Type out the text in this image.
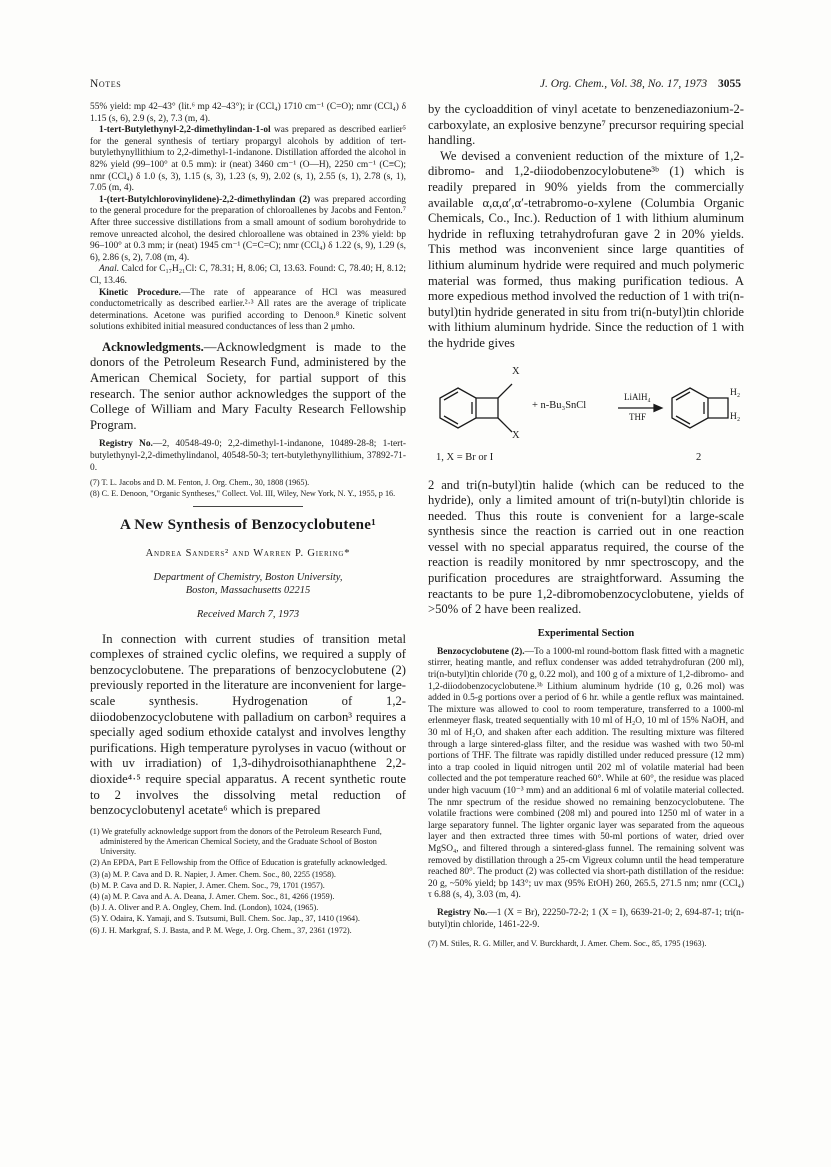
Notes	J. Org. Chem., Vol. 38, No. 17, 1973 3055

55% yield: mp 42–43° (lit.⁶ mp 42–43°); ir (CCl₄) 1710 cm⁻¹ (C=O); nmr (CCl₄) δ 1.15 (s, 6), 2.9 (s, 2), 7.3 (m, 4).

1-tert-Butylethynyl-2,2-dimethylindan-1-ol was prepared as described earlier⁵ for the general synthesis of tertiary propargyl alcohols by addition of tert-butylethynyllithium to 2,2-dimethyl-1-indanone. Distillation afforded the alcohol in 82% yield (99–100° at 0.5 mm): ir (neat) 3460 cm⁻¹ (O—H), 2250 cm⁻¹ (C≡C); nmr (CCl₄) δ 1.0 (s, 3), 1.15 (s, 3), 1.23 (s, 9), 2.02 (s, 1), 2.55 (s, 1), 2.78 (s, 1), 7.05 (m, 4).

1-(tert-Butylchlorovinylidene)-2,2-dimethylindan (2) was prepared according to the general procedure for the preparation of chloroallenes by Jacobs and Fenton.⁷ After three successive distillations from a small amount of sodium borohydride to remove unreacted alcohol, the desired chloroallene was obtained in 23% yield: bp 96–100° at 0.3 mm; ir (neat) 1945 cm⁻¹ (C=C=C); nmr (CCl₄) δ 1.22 (s, 9), 1.29 (s, 6), 2.86 (s, 2), 7.08 (m, 4).

Anal. Calcd for C₁₇H₂₁Cl: C, 78.31; H, 8.06; Cl, 13.63. Found: C, 78.40; H, 8.12; Cl, 13.46.

Kinetic Procedure.—The rate of appearance of HCl was measured conductometrically as described earlier.²·³ All rates are the average of triplicate determinations. Acetone was purified according to Denoon.⁸ Kinetic solvent solutions exhibited initial measured conductances of less than 2 μmho.

Acknowledgments.—Acknowledgment is made to the donors of the Petroleum Research Fund, administered by the American Chemical Society, for partial support of this research. The senior author acknowledges the support of the College of William and Mary Faculty Research Fellowship Program.

Registry No.—2, 40548-49-0; 2,2-dimethyl-1-indanone, 10489-28-8; 1-tert-butylethynyl-2,2-dimethylindanol, 40548-50-3; tert-butylethynyllithium, 37892-71-0.

(7) T. L. Jacobs and D. M. Fenton, J. Org. Chem., 30, 1808 (1965).

(8) C. E. Denoon, "Organic Syntheses," Collect. Vol. III, Wiley, New York, N. Y., 1955, p 16.

A New Synthesis of Benzocyclobutene¹
Andrea Sanders² and Warren P. Giering*
Department of Chemistry, Boston University,
Boston, Massachusetts 02215
Received March 7, 1973

In connection with current studies of transition metal complexes of strained cyclic olefins, we required a supply of benzocyclobutene. The preparations of benzocyclobutene (2) previously reported in the literature are inconvenient for large-scale synthesis. Hydrogenation of 1,2-diiodobenzocyclobutene with palladium on carbon³ requires a specially aged sodium ethoxide catalyst and involves lengthy purifications. High temperature pyrolyses in vacuo (without or with uv irradiation) of 1,3-dihydroisothianaphthene 2,2-dioxide⁴·⁵ require special apparatus. A recent synthetic route to 2 involves the dissolving metal reduction of benzocyclobutenyl acetate⁶ which is prepared

(1) We gratefully acknowledge support from the donors of the Petroleum Research Fund, administered by the American Chemical Society, and the Graduate School of Boston University.

(2) An EPDA, Part E Fellowship from the Office of Education is gratefully acknowledged.

(3) (a) M. P. Cava and D. R. Napier, J. Amer. Chem. Soc., 80, 2255 (1958).

(b) M. P. Cava and D. R. Napier, J. Amer. Chem. Soc., 79, 1701 (1957).

(4) (a) M. P. Cava and A. A. Deana, J. Amer. Chem. Soc., 81, 4266 (1959).

(b) J. A. Oliver and P. A. Ongley, Chem. Ind. (London), 1024, (1965).

(5) Y. Odaira, K. Yamaji, and S. Tsutsumi, Bull. Chem. Soc. Jap., 37, 1410 (1964).

(6) J. H. Markgraf, S. J. Basta, and P. M. Wege, J. Org. Chem., 37, 2361 (1972).

by the cycloaddition of vinyl acetate to benzenediazonium-2-carboxylate, an explosive benzyne⁷ precursor requiring special handling.

We devised a convenient reduction of the mixture of 1,2-dibromo- and 1,2-diiodobenzocylobutene³ᵇ (1) which is readily prepared in 90% yields from the commercially available α,α,α′,α′-tetrabromo-o-xylene (Columbia Organic Chemicals, Co., Inc.). Reduction of 1 with lithium aluminum hydride in refluxing tetrahydrofuran gave 2 in 20% yields. This method was inconvenient since large quantities of lithium aluminum hydride were required and much polymeric material was formed, thus making purification tedious. A more expedious method involved the reduction of 1 with tri(n-butyl)tin hydride generated in situ from tri(n-butyl)tin chloride with lithium aluminum hydride. Since the reduction of 1 with the hydride gives

X
X
+ n-Bu₃SnCl
LiAlH₄
THF
H₂
H₂
1, X = Br or I	2

2 and tri(n-butyl)tin halide (which can be reduced to the hydride), only a limited amount of tri(n-butyl)tin chloride is needed. Thus this route is convenient for a large-scale synthesis since the reaction is carried out in one reaction vessel with no special apparatus required, the course of the reaction is readily monitored by nmr spectroscopy, and the purification procedures are straightforward. Assuming the reactants to be pure 1,2-dibromobenzocyclobutene, yields of >50% of 2 have been realized.

Experimental Section

Benzocyclobutene (2).—To a 1000-ml round-bottom flask fitted with a magnetic stirrer, heating mantle, and reflux condenser was added tetrahydrofuran (200 ml), tri(n-butyl)tin chloride (70 g, 0.22 mol), and 100 g of a mixture of 1,2-dibromo- and 1,2-diiodobenzocyclobutene.³ᵇ Lithium aluminum hydride (10 g, 0.26 mol) was added in 0.5-g portions over a period of 6 hr. while a gentle reflux was maintained. The mixture was allowed to cool to room temperature, transferred to a 1000-ml erlenmeyer flask, treated sequentially with 10 ml of H₂O, 10 ml of 15% NaOH, and 30 ml of H₂O, and shaken after each addition. The resulting mixture was filtered through a large sintered-glass filter, and the residue was washed with two 50-ml portions of THF. The filtrate was rapidly distilled under reduced pressure (12 mm) into a trap cooled in liquid nitrogen until 202 ml of volatile material had been collected and the pot temperature reached 60°. While at 60°, the residue was placed under high vacuum (10⁻³ mm) and an additional 6 ml of volatile material collected. The nmr spectrum of the residue showed no remaining benzocyclobutene. The volatile fractions were combined (208 ml) and poured into 1250 ml of water in a large separatory funnel. The lighter organic layer was separated from the aqueous layer and then extracted three times with 50-ml portions of water, dried over MgSO₄, and filtered through a sintered-glass funnel. The remaining solvent was removed by distillation through a 25-cm Vigreux column until the head temperature reached 80°. The product (2) was collected via short-path distillation of the residue: 20 g, ~50% yield; bp 143°; uv max (95% EtOH) 260, 265.5, 271.5 nm; nmr (CCl₄) τ 6.88 (s, 4), 3.03 (m, 4).

Registry No.—1 (X = Br), 22250-72-2; 1 (X = I), 6639-21-0; 2, 694-87-1; tri(n-butyl)tin chloride, 1461-22-9.

(7) M. Stiles, R. G. Miller, and V. Burckhardt, J. Amer. Chem. Soc., 85, 1795 (1963).
